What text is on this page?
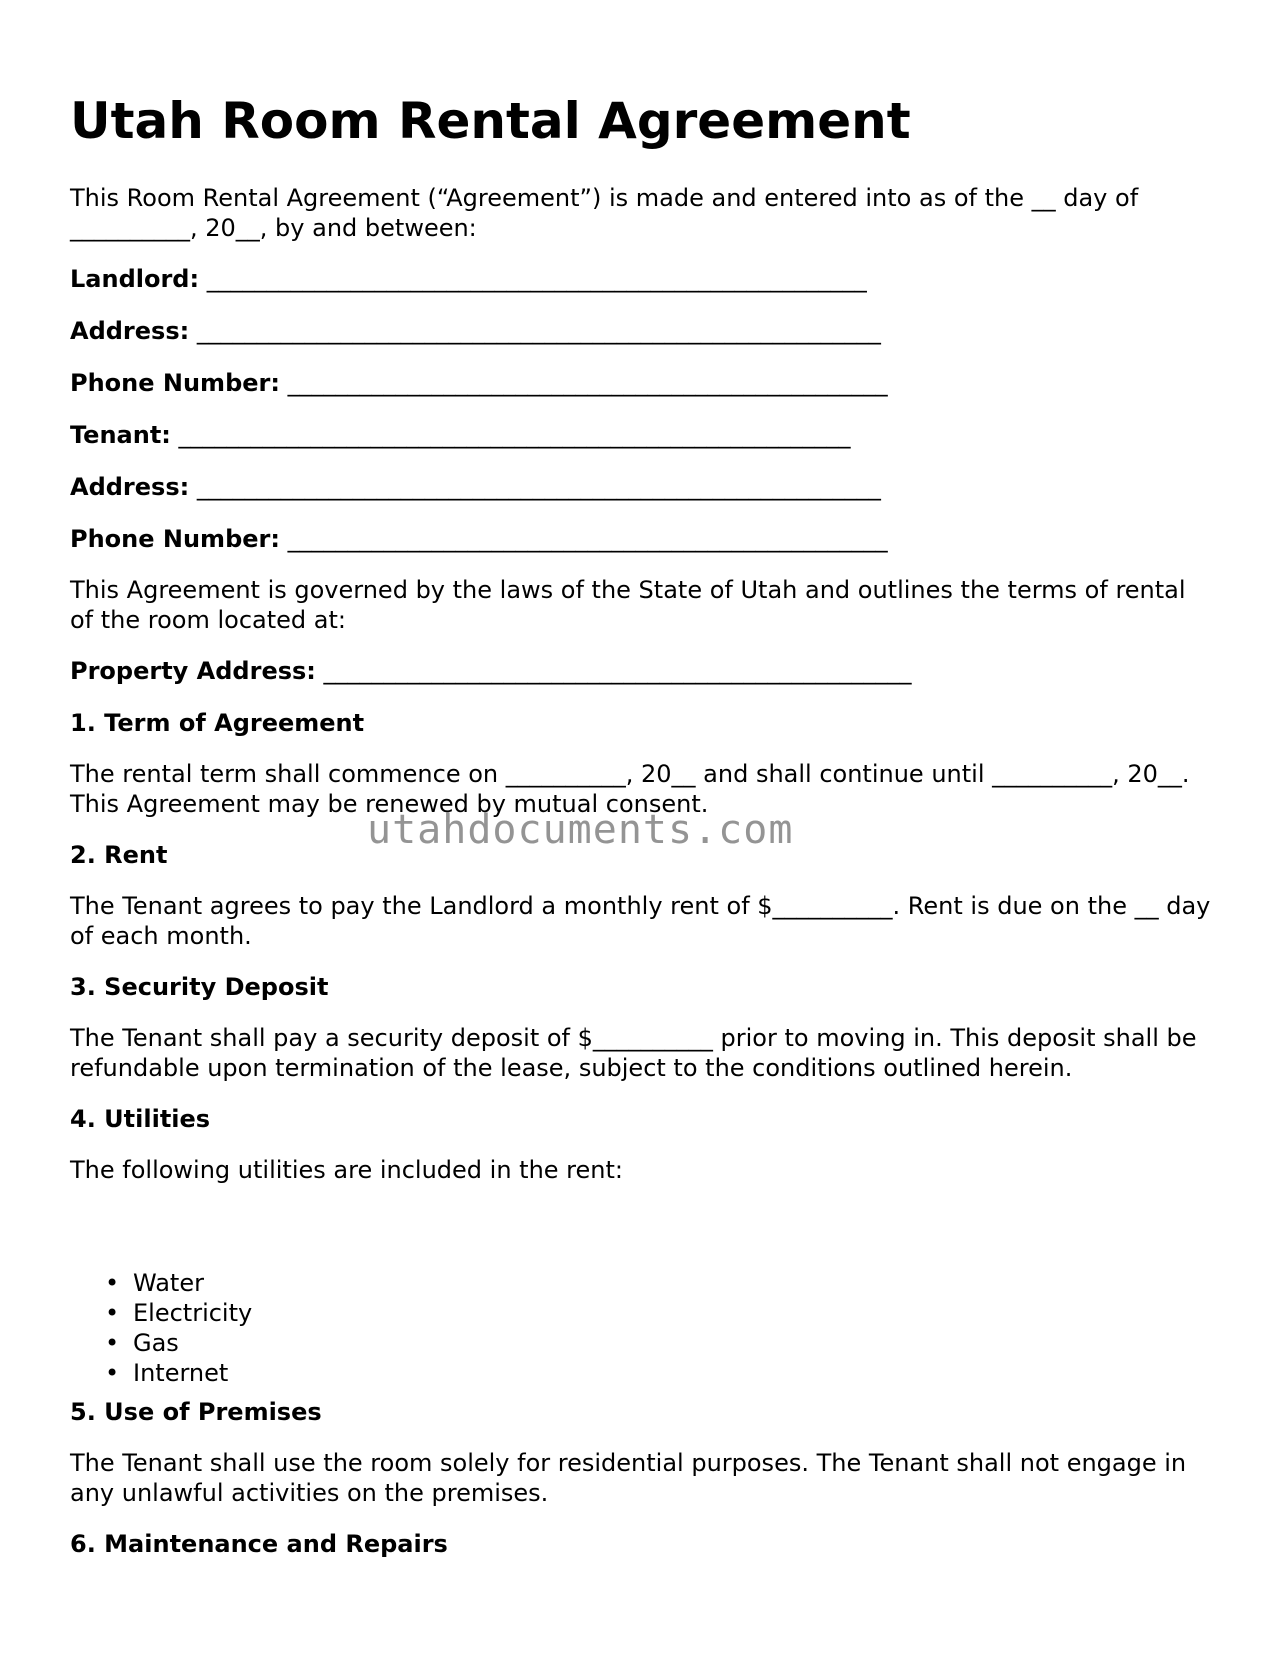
Utah Room Rental Agreement

This Room Rental Agreement (“Agreement”) is made and entered into as of the __ day of __________, 20__, by and between:

Landlord: _______________________________________________________

Address: _________________________________________________________

Phone Number: __________________________________________________

Tenant: ________________________________________________________

Address: _________________________________________________________

Phone Number: __________________________________________________

This Agreement is governed by the laws of the State of Utah and outlines the terms of rental of the room located at:

Property Address: _________________________________________________

1. Term of Agreement

The rental term shall commence on __________, 20__ and shall continue until __________, 20__. This Agreement may be renewed by mutual consent.

2. Rent

The Tenant agrees to pay the Landlord a monthly rent of $__________. Rent is due on the __ day of each month.

3. Security Deposit

The Tenant shall pay a security deposit of $__________ prior to moving in. This deposit shall be refundable upon termination of the lease, subject to the conditions outlined herein.

4. Utilities

The following utilities are included in the rent:

• Water
• Electricity
• Gas
• Internet
5. Use of Premises

The Tenant shall use the room solely for residential purposes. The Tenant shall not engage in any unlawful activities on the premises.

6. Maintenance and Repairs
utahdocuments.com
